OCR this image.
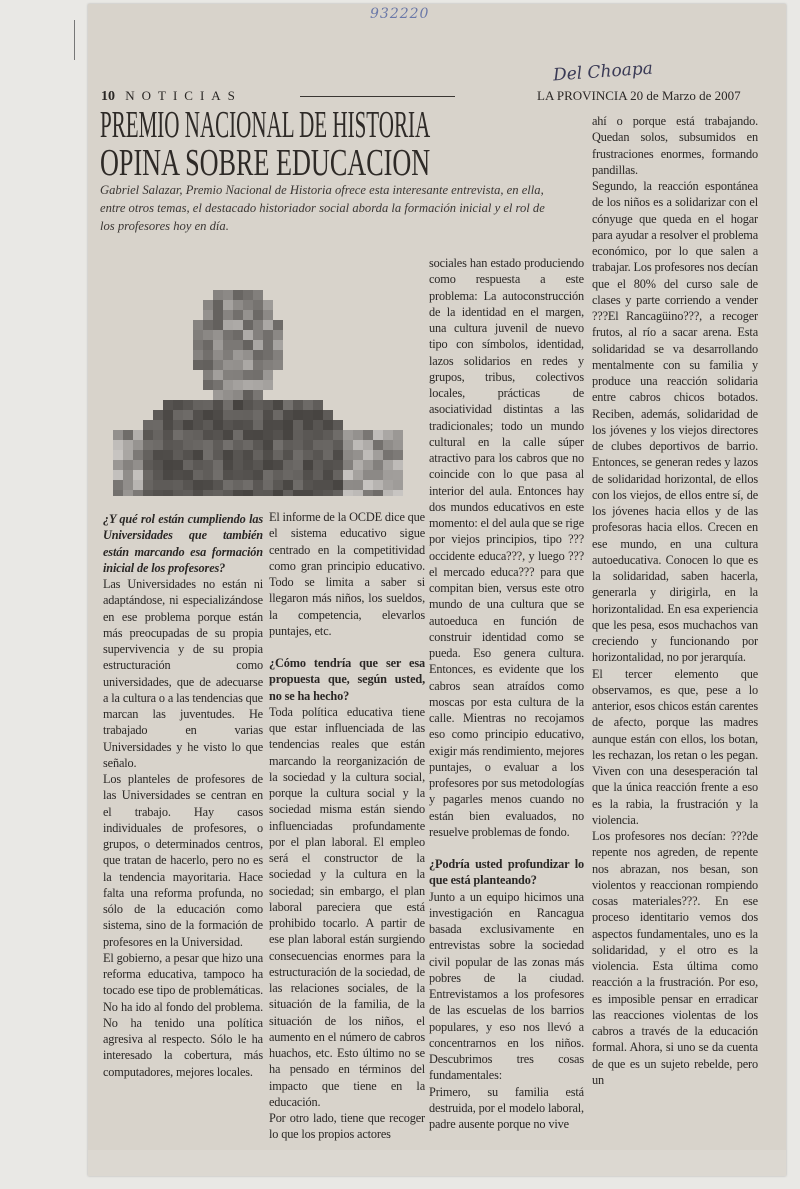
932220
Del Choapa
10 NOTICIAS	LA PROVINCIA 20 de Marzo de 2007
PREMIO NACIONAL DE HISTORIA
OPINA SOBRE EDUCACION
Gabriel Salazar, Premio Nacional de Historia ofrece esta interesante entrevista, en ella, entre otros temas, el destacado historiador social aborda la formación inicial y el rol de los profesores hoy en día.

¿Y qué rol están cumpliendo las Universidades que también están marcando esa formación inicial de los profesores?

Las Universidades no están ni adaptándose, ni especializándose en ese problema porque están más preocupadas de su propia supervivencia y de su propia estructuración como universidades, que de adecuarse a la cultura o a las tendencias que marcan las juventudes. He trabajado en varias Universidades y he visto lo que señalo.

Los planteles de profesores de las Universidades se centran en el trabajo. Hay casos individuales de profesores, o grupos, o determinados centros, que tratan de hacerlo, pero no es la tendencia mayoritaria. Hace falta una reforma profunda, no sólo de la educación como sistema, sino de la formación de profesores en la Universidad.

El gobierno, a pesar que hizo una reforma educativa, tampoco ha tocado ese tipo de problemáticas. No ha ido al fondo del problema. No ha tenido una política agresiva al respecto. Sólo le ha interesado la cobertura, más computadores, mejores locales.

El informe de la OCDE dice que el sistema educativo sigue centrado en la competitividad como gran principio educativo. Todo se limita a saber si llegaron más niños, los sueldos, la competencia, elevarlos puntajes, etc.

¿Cómo tendría que ser esa propuesta que, según usted, no se ha hecho?

Toda política educativa tiene que estar influenciada de las tendencias reales que están marcando la reorganización de la sociedad y la cultura social, porque la cultura social y la sociedad misma están siendo influenciadas profundamente por el plan laboral. El empleo será el constructor de la sociedad y la cultura en la sociedad; sin embargo, el plan laboral pareciera que está prohibido tocarlo. A partir de ese plan laboral están surgiendo consecuencias enormes para la estructuración de la sociedad, de las relaciones sociales, de la situación de la familia, de la situación de los niños, el aumento en el número de cabros huachos, etc. Esto último no se ha pensado en términos del impacto que tiene en la educación.

Por otro lado, tiene que recoger lo que los propios actores

sociales han estado produciendo como respuesta a este problema: La autoconstrucción de la identidad en el margen, una cultura juvenil de nuevo tipo con símbolos, identidad, lazos solidarios en redes y grupos, tribus, colectivos locales, prácticas de asociatividad distintas a las tradicionales; todo un mundo cultural en la calle súper atractivo para los cabros que no coincide con lo que pasa al interior del aula. Entonces hay dos mundos educativos en este momento: el del aula que se rige por viejos principios, tipo ???occidente educa???, y luego ???el mercado educa??? para que compitan bien, versus este otro mundo de una cultura que se autoeduca en función de construir identidad como se pueda. Eso genera cultura. Entonces, es evidente que los cabros sean atraídos como moscas por esta cultura de la calle. Mientras no recojamos eso como principio educativo, exigir más rendimiento, mejores puntajes, o evaluar a los profesores por sus metodologías y pagarles menos cuando no están bien evaluados, no resuelve problemas de fondo.

¿Podría usted profundizar lo que está planteando?

Junto a un equipo hicimos una investigación en Rancagua basada exclusivamente en entrevistas sobre la sociedad civil popular de las zonas más pobres de la ciudad. Entrevistamos a los profesores de las escuelas de los barrios populares, y eso nos llevó a concentrarnos en los niños. Descubrimos tres cosas fundamentales:

Primero, su familia está destruida, por el modelo laboral, padre ausente porque no vive

ahí o porque está trabajando. Quedan solos, subsumidos en frustraciones enormes, formando pandillas.

Segundo, la reacción espontánea de los niños es a solidarizar con el cónyuge que queda en el hogar para ayudar a resolver el problema económico, por lo que salen a trabajar. Los profesores nos decían que el 80% del curso sale de clases y parte corriendo a vender ???El Rancagüino???, a recoger frutos, al río a sacar arena. Esta solidaridad se va desarrollando mentalmente con su familia y produce una reacción solidaria entre cabros chicos botados. Reciben, además, solidaridad de los jóvenes y los viejos directores de clubes deportivos de barrio. Entonces, se generan redes y lazos de solidaridad horizontal, de ellos con los viejos, de ellos entre sí, de los jóvenes hacia ellos y de las profesoras hacia ellos. Crecen en ese mundo, en una cultura autoeducativa. Conocen lo que es la solidaridad, saben hacerla, generarla y dirigirla, en la horizontalidad. En esa experiencia que les pesa, esos muchachos van creciendo y funcionando por horizontalidad, no por jerarquía.

El tercer elemento que observamos, es que, pese a lo anterior, esos chicos están carentes de afecto, porque las madres aunque están con ellos, los botan, les rechazan, los retan o les pegan. Viven con una desesperación tal que la única reacción frente a eso es la rabia, la frustración y la violencia.

Los profesores nos decían: ???de repente nos agreden, de repente nos abrazan, nos besan, son violentos y reaccionan rompiendo cosas materiales???. En ese proceso identitario vemos dos aspectos fundamentales, uno es la solidaridad, y el otro es la violencia. Esta última como reacción a la frustración. Por eso, es imposible pensar en erradicar las reacciones violentas de los cabros a través de la educación formal. Ahora, si uno se da cuenta de que es un sujeto rebelde, pero un
